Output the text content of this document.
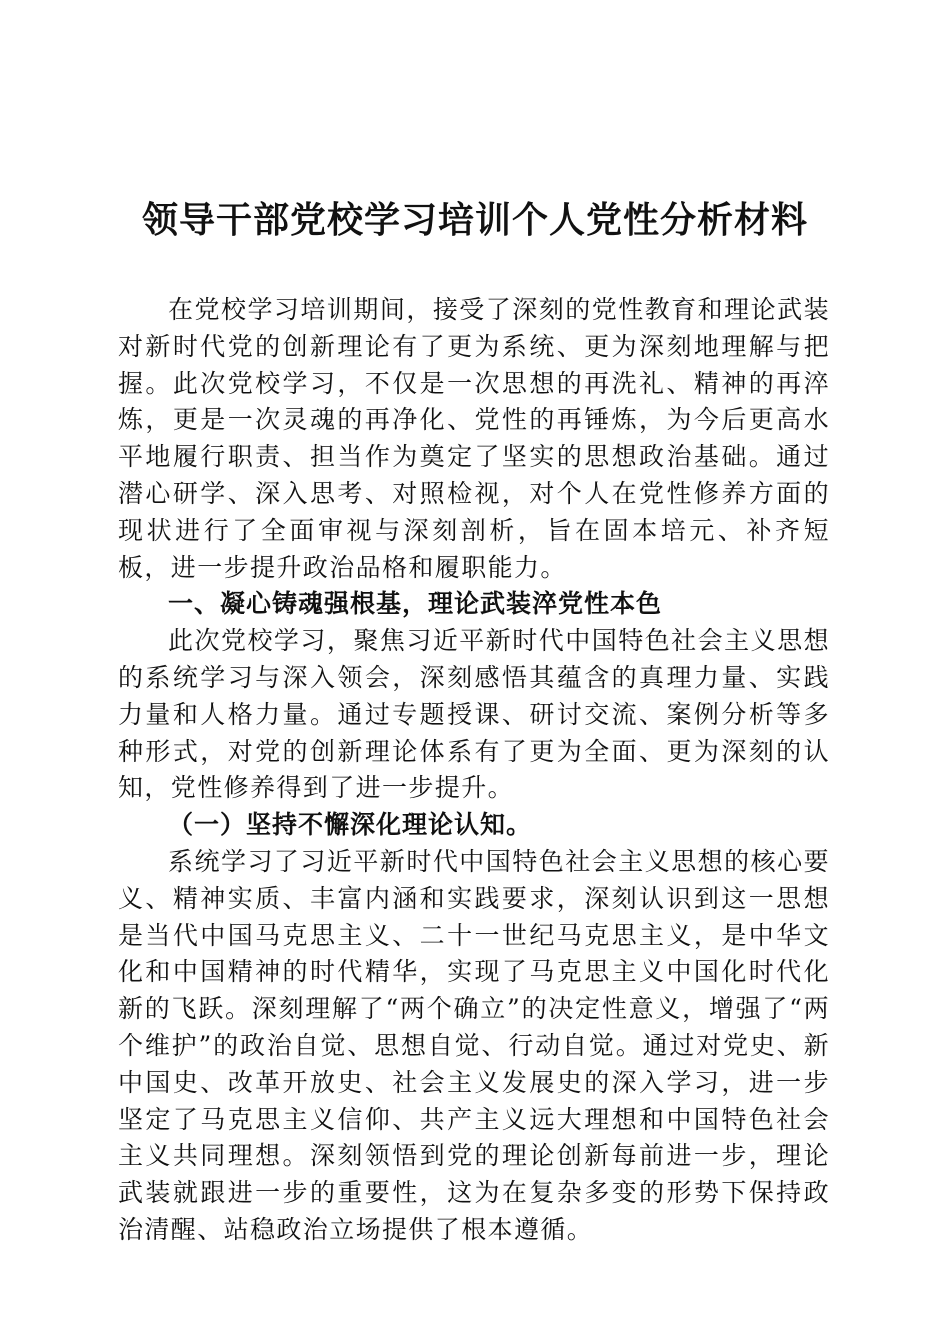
领导干部党校学习培训个人党性分析材料

在党校学习培训期间，接受了深刻的党性教育和理论武装对新时代党的创新理论有了更为系统、更为深刻地理解与把握。此次党校学习，不仅是一次思想的再洗礼、精神的再淬炼，更是一次灵魂的再净化、党性的再锤炼，为今后更高水平地履行职责、担当作为奠定了坚实的思想政治基础。通过潜心研学、深入思考、对照检视，对个人在党性修养方面的现状进行了全面审视与深刻剖析，旨在固本培元、补齐短板，进一步提升政治品格和履职能力。

一、凝心铸魂强根基，理论武装淬党性本色

此次党校学习，聚焦习近平新时代中国特色社会主义思想的系统学习与深入领会，深刻感悟其蕴含的真理力量、实践力量和人格力量。通过专题授课、研讨交流、案例分析等多种形式，对党的创新理论体系有了更为全面、更为深刻的认知，党性修养得到了进一步提升。

（一）坚持不懈深化理论认知。

系统学习了习近平新时代中国特色社会主义思想的核心要义、精神实质、丰富内涵和实践要求，深刻认识到这一思想是当代中国马克思主义、二十一世纪马克思主义，是中华文化和中国精神的时代精华，实现了马克思主义中国化时代化新的飞跃。深刻理解了“两个确立”的决定性意义，增强了“两个维护”的政治自觉、思想自觉、行动自觉。通过对党史、新中国史、改革开放史、社会主义发展史的深入学习，进一步坚定了马克思主义信仰、共产主义远大理想和中国特色社会主义共同理想。深刻领悟到党的理论创新每前进一步，理论武装就跟进一步的重要性，这为在复杂多变的形势下保持政治清醒、站稳政治立场提供了根本遵循。
